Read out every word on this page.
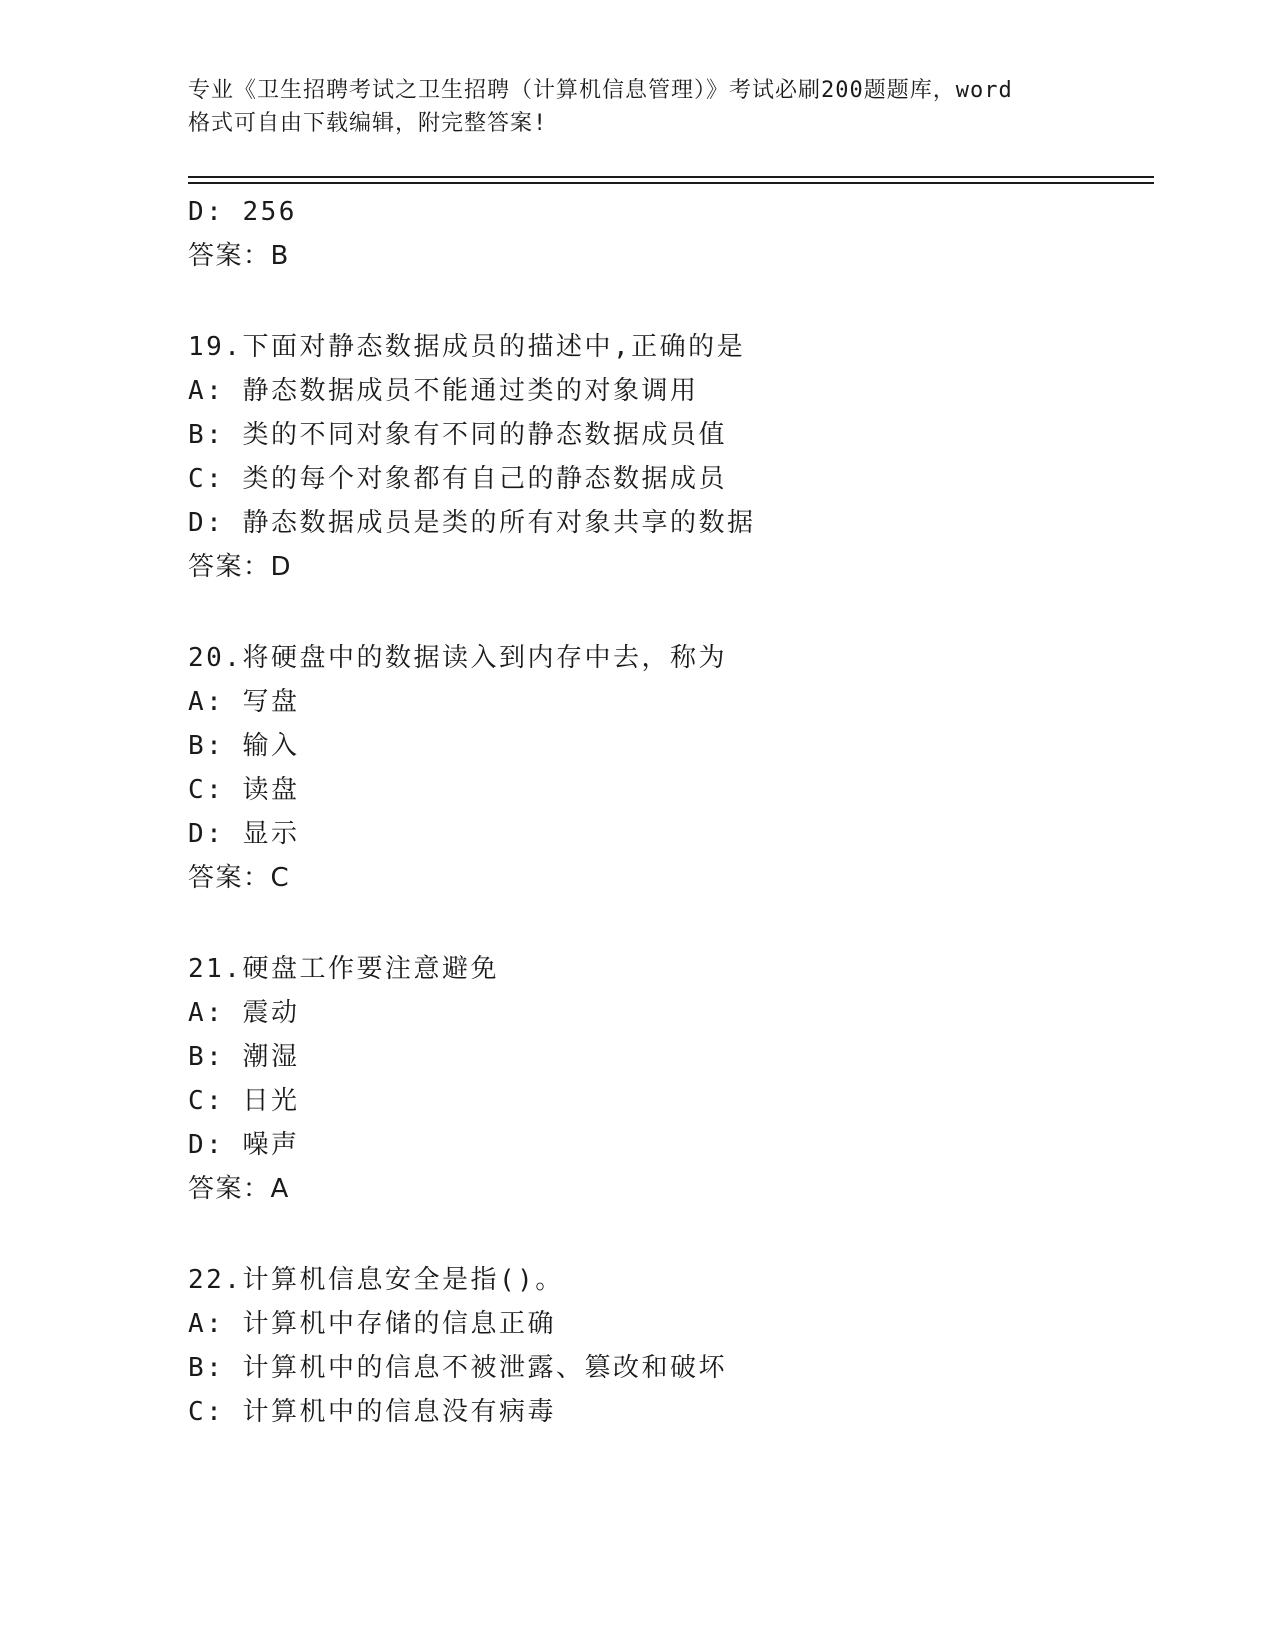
专业《卫生招聘考试之卫生招聘（计算机信息管理）》考试必刷200题题库，word
格式可自由下载编辑，附完整答案!
D: 256
答案：B
19.下面对静态数据成员的描述中,正确的是
A: 静态数据成员不能通过类的对象调用
B: 类的不同对象有不同的静态数据成员值
C: 类的每个对象都有自己的静态数据成员
D: 静态数据成员是类的所有对象共享的数据
答案：D
20.将硬盘中的数据读入到内存中去，称为
A: 写盘
B: 输入
C: 读盘
D: 显示
答案：C
21.硬盘工作要注意避免
A: 震动
B: 潮湿
C: 日光
D: 噪声
答案：A
22.计算机信息安全是指()。
A: 计算机中存储的信息正确
B: 计算机中的信息不被泄露、篡改和破坏
C: 计算机中的信息没有病毒
